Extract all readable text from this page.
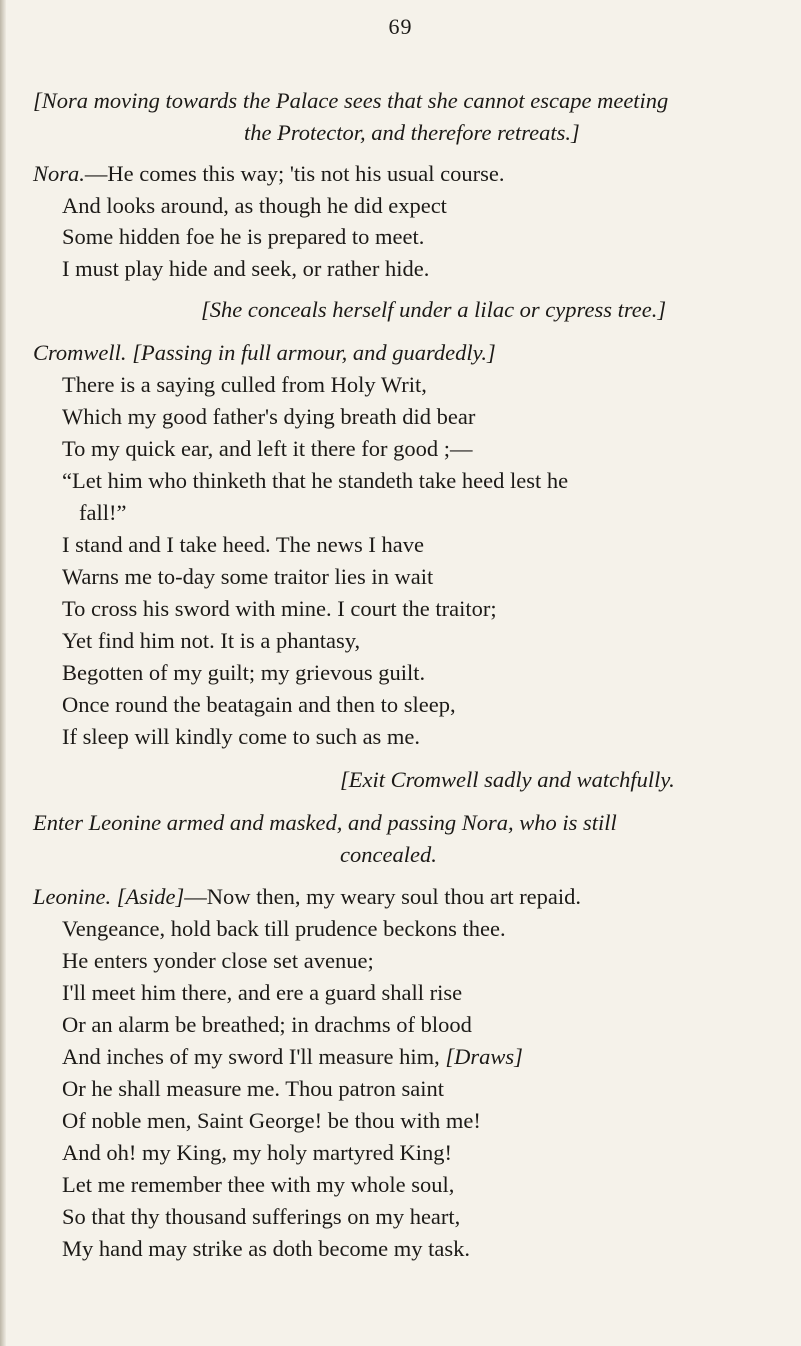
69
[Nora moving towards the Palace sees that she cannot escape meeting
the Protector, and therefore retreats.]
Nora.—He comes this way; 'tis not his usual course.
And looks around, as though he did expect
Some hidden foe he is prepared to meet.
I must play hide and seek, or rather hide.
[She conceals herself under a lilac or cypress tree.]
Cromwell. [Passing in full armour, and guardedly.]
There is a saying culled from Holy Writ,
Which my good father's dying breath did bear
To my quick ear, and left it there for good ;—
“Let him who thinketh that he standeth take heed lest he
fall!”
I stand and I take heed. The news I have
Warns me to-day some traitor lies in wait
To cross his sword with mine. I court the traitor;
Yet find him not. It is a phantasy,
Begotten of my guilt; my grievous guilt.
Once round the beatagain and then to sleep,
If sleep will kindly come to such as me.
[Exit Cromwell sadly and watchfully.
Enter Leonine armed and masked, and passing Nora, who is still
concealed.
Leonine. [Aside]—Now then, my weary soul thou art repaid.
Vengeance, hold back till prudence beckons thee.
He enters yonder close set avenue;
I'll meet him there, and ere a guard shall rise
Or an alarm be breathed; in drachms of blood
And inches of my sword I'll measure him, [Draws]
Or he shall measure me. Thou patron saint
Of noble men, Saint George! be thou with me!
And oh! my King, my holy martyred King!
Let me remember thee with my whole soul,
So that thy thousand sufferings on my heart,
My hand may strike as doth become my task.
